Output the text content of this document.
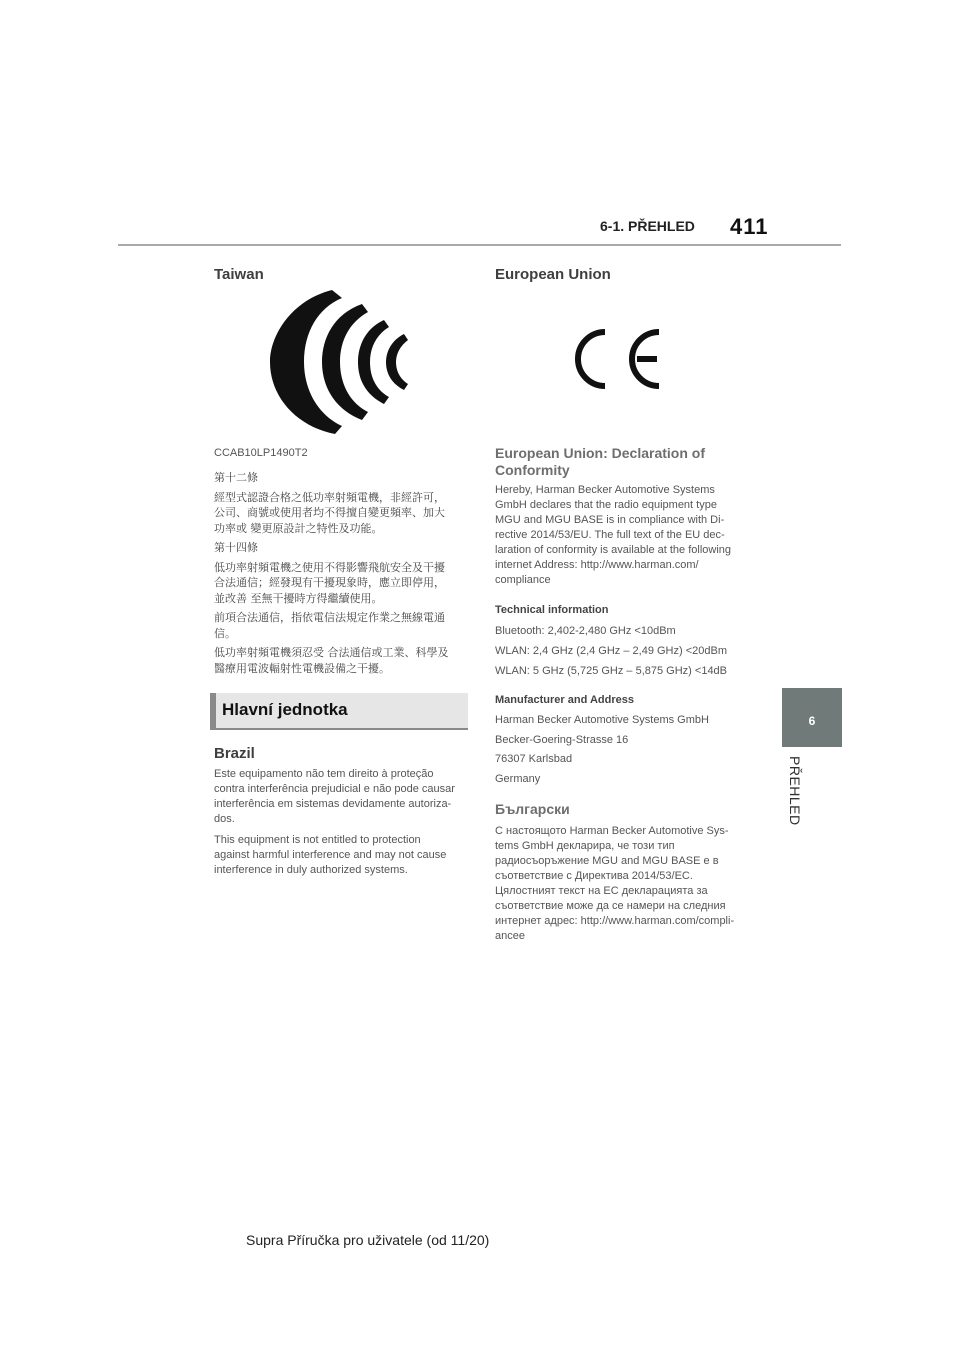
6-1. PŘEHLED 411
6
PŘEHLED
Taiwan

CCAB10LP1490T2

第十二條

經型式認證合格之低功率射頻電機，非經許可，

公司、商號或使用者均不得擅自變更頻率、加大

功率或 變更原設計之特性及功能。

第十四條

低功率射頻電機之使用不得影響飛航安全及干擾

合法通信；經發現有干擾現象時，應立即停用，

並改善 至無干擾時方得繼續使用。

前項合法通信，指依電信法規定作業之無線電通

信。

低功率射頻電機須忍受 合法通信或工業、科學及

醫療用電波輻射性電機設備之干擾。

Hlavní jednotka
Brazil

Este equipamento não tem direito à proteção

contra interferência prejudicial e não pode causar

interferência em sistemas devidamente autoriza-

dos.

This equipment is not entitled to protection

against harmful interference and may not cause

interference in duly authorized systems.

European Union
European Union: Declaration of
Conformity

Hereby, Harman Becker Automotive Systems

GmbH declares that the radio equipment type

MGU and MGU BASE is in compliance with Di-

rective 2014/53/EU. The full text of the EU dec-

laration of conformity is available at the following

internet Address: http://www.harman.com/

compliance

Technical information

Bluetooth: 2,402-2,480 GHz <10dBm

WLAN: 2,4 GHz (2,4 GHz – 2,49 GHz) <20dBm

WLAN: 5 GHz (5,725 GHz – 5,875 GHz) <14dB

Manufacturer and Address

Harman Becker Automotive Systems GmbH

Becker-Goering-Strasse 16

76307 Karlsbad

Germany

Български

С настоящото Harman Becker Automotive Sys-

tems GmbH декларира, че този тип

радиосъоръжение MGU and MGU BASE е в

съответствие с Директива 2014/53/EC.

Цялостният текст на ЕС декларацията за

съответствие може да се намери на следния

интернет адрес: http://www.harman.com/compli-

ancee

Supra Příručka pro uživatele (od 11/20)
